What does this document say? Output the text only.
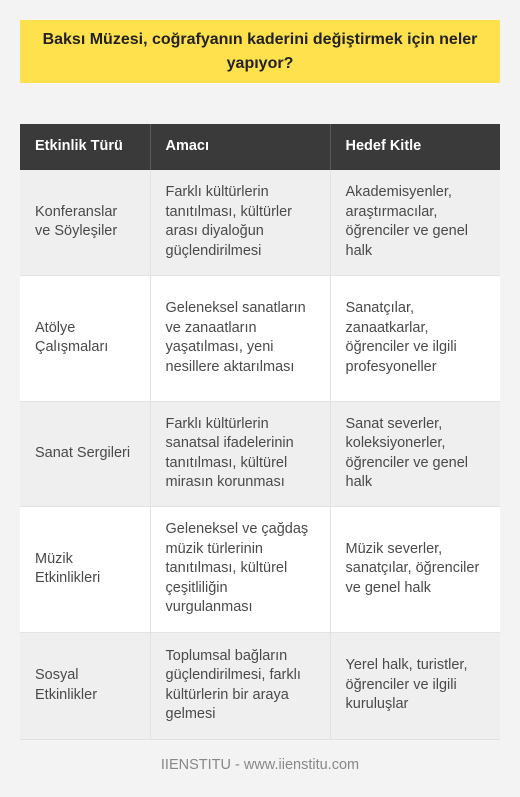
Baksı Müzesi, coğrafyanın kaderini değiştirmek için neler yapıyor?
Etkinlik Türü	Amacı	Hedef Kitle
Konferanslar ve Söyleşiler	Farklı kültürlerin tanıtılması, kültürler arası diyaloğun güçlendirilmesi	Akademisyenler, araştırmacılar, öğrenciler ve genel halk
Atölye Çalışmaları	Geleneksel sanatların ve zanaatların yaşatılması, yeni nesillere aktarılması	Sanatçılar, zanaatkarlar, öğrenciler ve ilgili profesyoneller
Sanat Sergileri	Farklı kültürlerin sanatsal ifadelerinin tanıtılması, kültürel mirasın korunması	Sanat severler, koleksiyonerler, öğrenciler ve genel halk
Müzik Etkinlikleri	Geleneksel ve çağdaş müzik türlerinin tanıtılması, kültürel çeşitliliğin vurgulanması	Müzik severler, sanatçılar, öğrenciler ve genel halk
Sosyal Etkinlikler	Toplumsal bağların güçlendirilmesi, farklı kültürlerin bir araya gelmesi	Yerel halk, turistler, öğrenciler ve ilgili kuruluşlar
IIENSTITU - www.iienstitu.com
